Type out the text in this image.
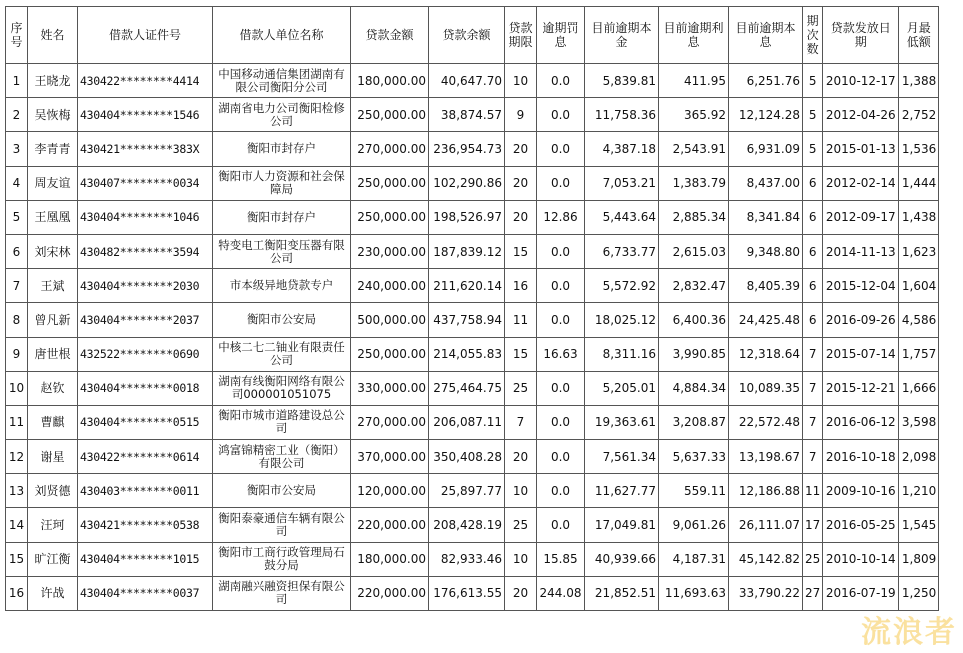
序号	姓名	借款人证件号	借款人单位名称	贷款金额	贷款余额	贷款期限	逾期罚息	目前逾期本金	目前逾期利息	目前逾期本息	期次数	贷款发放日期	月最低额
1	王晓龙	430422********4414	中国移动通信集团湖南有限公司衡阳分公司	180,000.00	40,647.70	10	0.0	5,839.81	411.95	6,251.76	5	2010-12-17	1,388
2	吴恢梅	430404********1546	湖南省电力公司衡阳检修公司	250,000.00	38,874.57	9	0.0	11,758.36	365.92	12,124.28	5	2012-04-26	2,752
3	李青青	430421********383X	衡阳市封存户	270,000.00	236,954.73	20	0.0	4,387.18	2,543.91	6,931.09	5	2015-01-13	1,536
4	周友谊	430407********0034	衡阳市人力资源和社会保障局	250,000.00	102,290.86	20	0.0	7,053.21	1,383.79	8,437.00	6	2012-02-14	1,444
5	王凰凰	430404********1046	衡阳市封存户	250,000.00	198,526.97	20	12.86	5,443.64	2,885.34	8,341.84	6	2012-09-17	1,438
6	刘宋林	430482********3594	特变电工衡阳变压器有限公司	230,000.00	187,839.12	15	0.0	6,733.77	2,615.03	9,348.80	6	2014-11-13	1,623
7	王斌	430404********2030	市本级异地贷款专户	240,000.00	211,620.14	16	0.0	5,572.92	2,832.47	8,405.39	6	2015-12-04	1,604
8	曾凡新	430404********2037	衡阳市公安局	500,000.00	437,758.94	11	0.0	18,025.12	6,400.36	24,425.48	6	2016-09-26	4,586
9	唐世根	432522********0690	中核二七二铀业有限责任公司	250,000.00	214,055.83	15	16.63	8,311.16	3,990.85	12,318.64	7	2015-07-14	1,757
10	赵钦	430404********0018	湖南有线衡阳网络有限公司000001051075	330,000.00	275,464.75	25	0.0	5,205.01	4,884.34	10,089.35	7	2015-12-21	1,666
11	曹麒	430404********0515	衡阳市城市道路建设总公司	270,000.00	206,087.11	7	0.0	19,363.61	3,208.87	22,572.48	7	2016-06-12	3,598
12	谢星	430422********0614	鸿富锦精密工业（衡阳）有限公司	370,000.00	350,408.28	20	0.0	7,561.34	5,637.33	13,198.67	7	2016-10-18	2,098
13	刘贤德	430403********0011	衡阳市公安局	120,000.00	25,897.77	10	0.0	11,627.77	559.11	12,186.88	11	2009-10-16	1,210
14	汪珂	430421********0538	衡阳泰豪通信车辆有限公司	220,000.00	208,428.19	25	0.0	17,049.81	9,061.26	26,111.07	17	2016-05-25	1,545
15	旷江衡	430404********1015	衡阳市工商行政管理局石鼓分局	180,000.00	82,933.46	10	15.85	40,939.66	4,187.31	45,142.82	25	2010-10-14	1,809
16	许战	430404********0037	湖南融兴融资担保有限公司	220,000.00	176,613.55	20	244.08	21,852.51	11,693.63	33,790.22	27	2016-07-19	1,250
流浪者
